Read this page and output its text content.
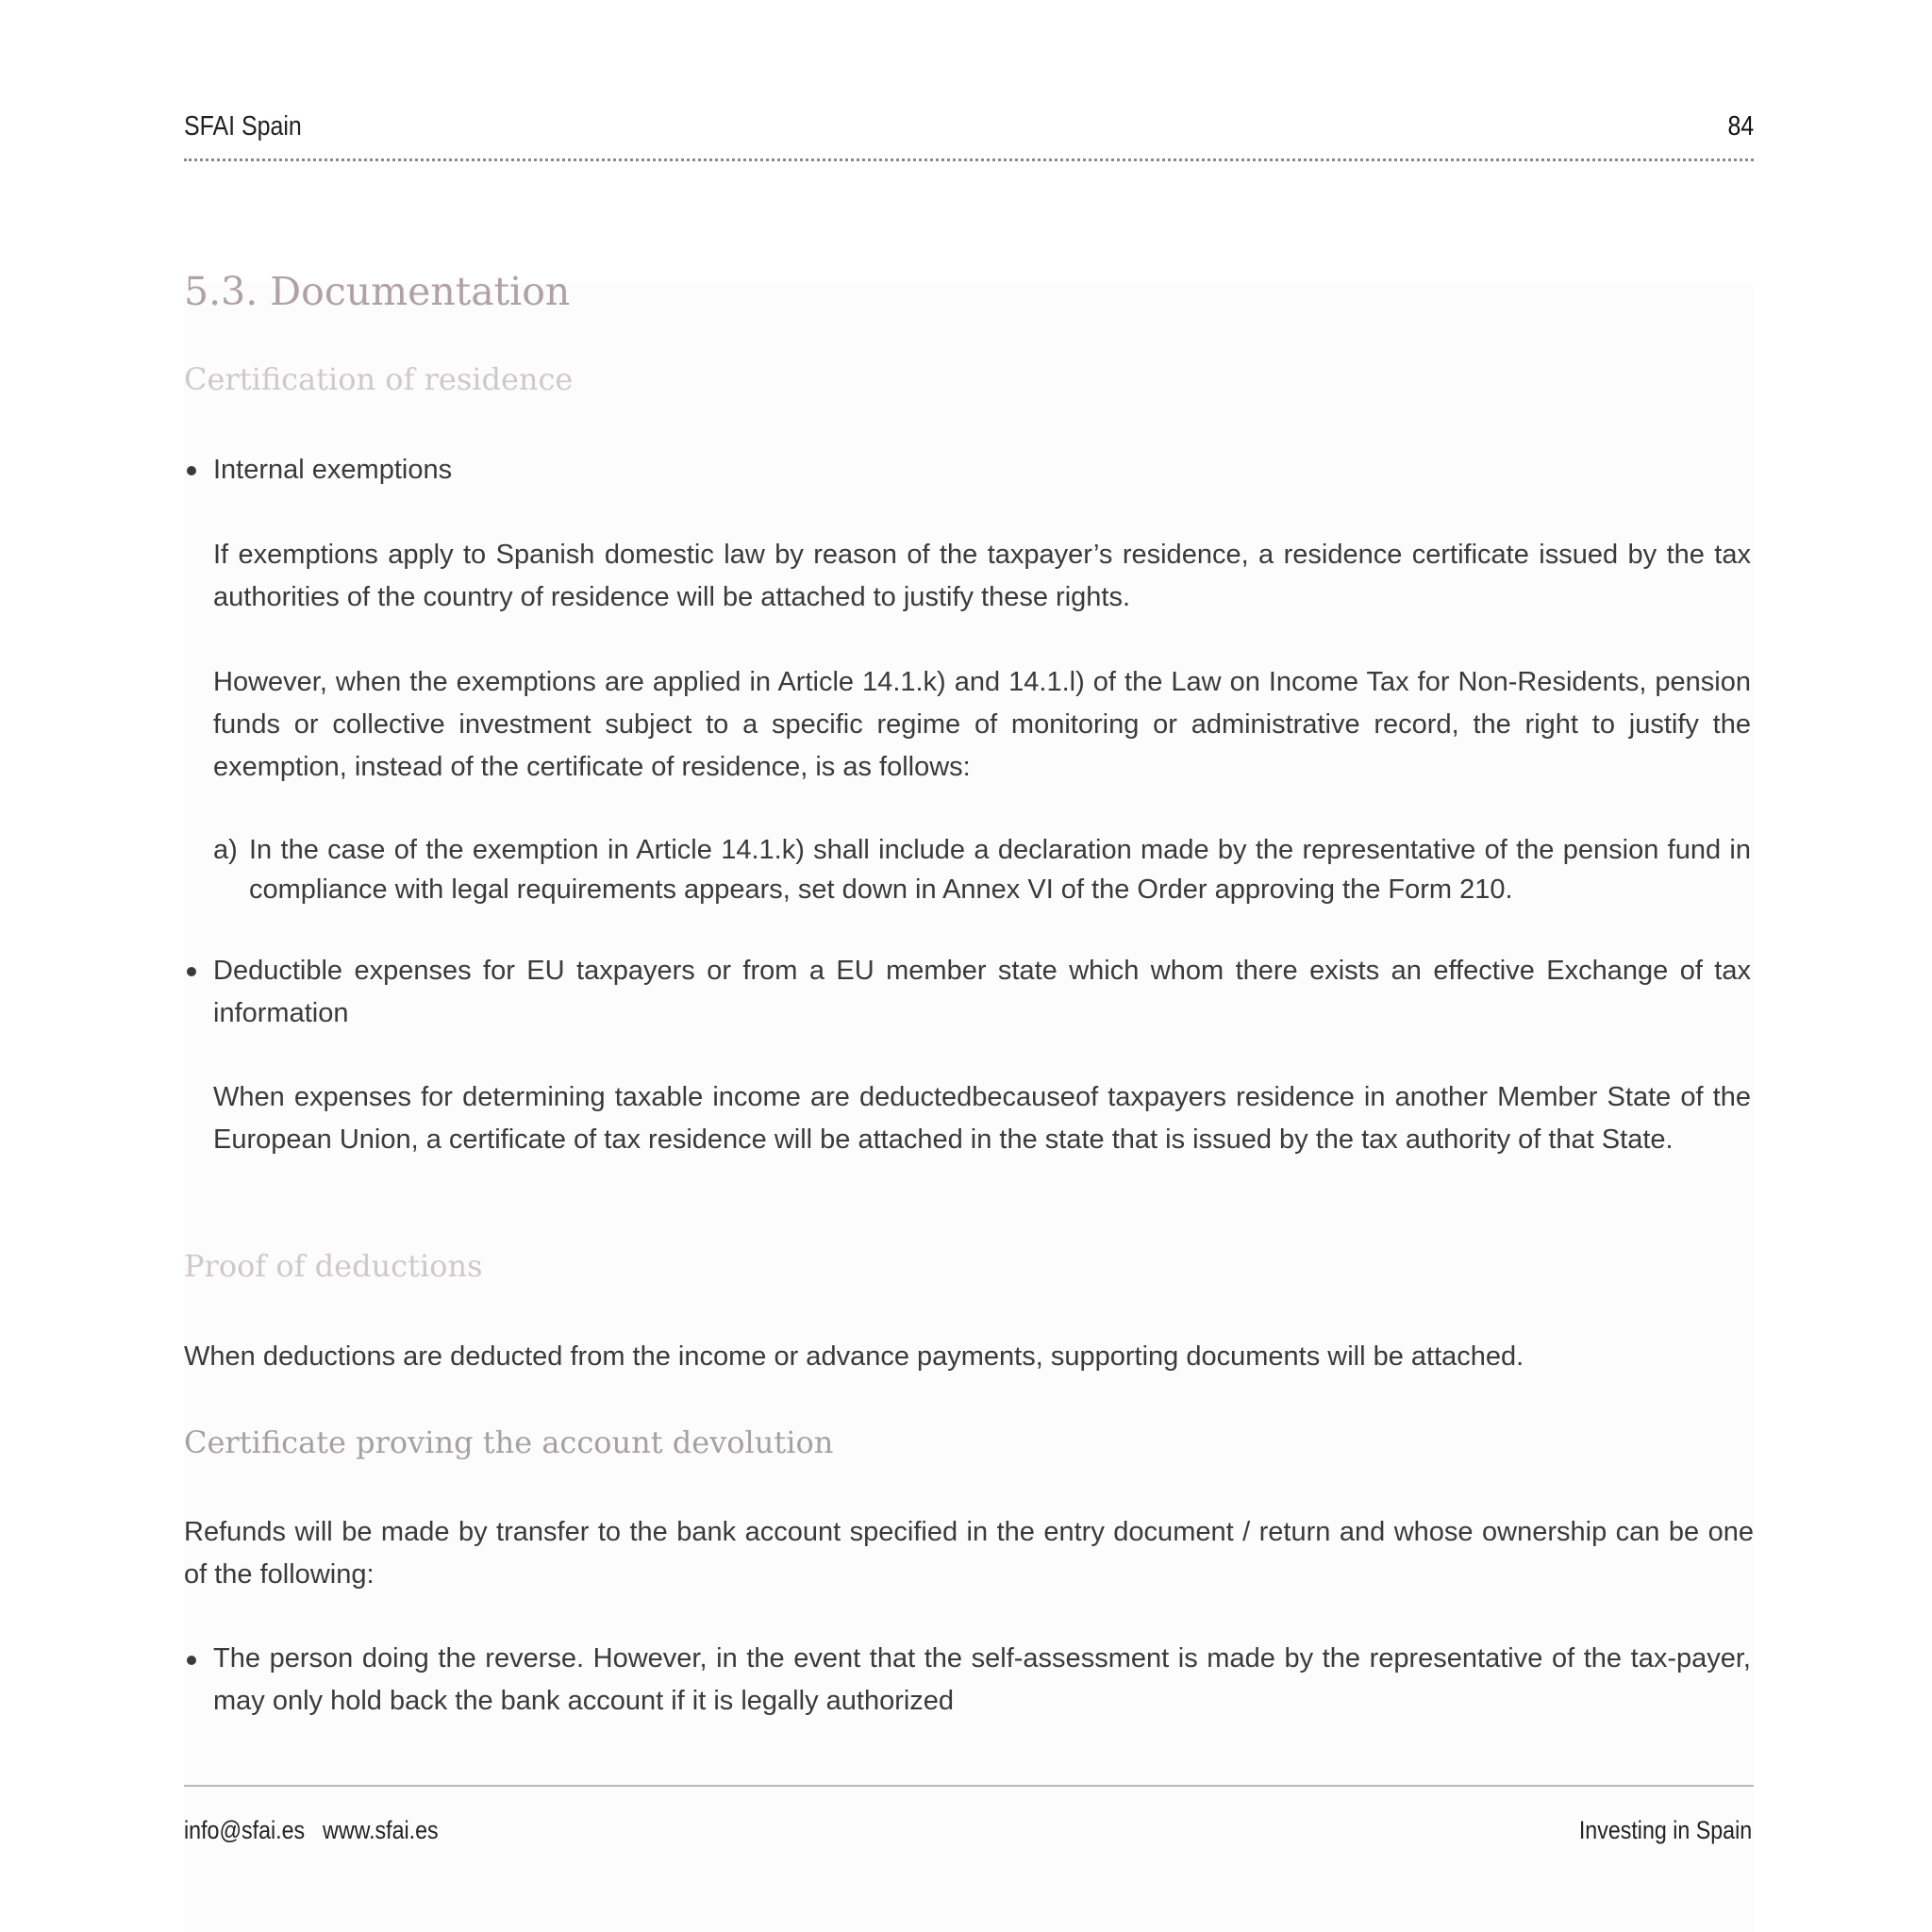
SFAI Spain	84
5.3. Documentation
Certification of residence

Internal exemptions

If exemptions apply to Spanish domestic law by reason of the taxpayer’s residence, a residence certificate issued by the tax authorities of the country of residence will be attached to justify these rights.

However, when the exemptions are applied in Article 14.1.k) and 14.1.l) of the Law on Income Tax for Non-Residents, pension funds or collective investment subject to a specific regime of monitoring or administrative record, the right to justify the exemption, instead of the certificate of residence, is as follows:

a) In the case of the exemption in Article 14.1.k) shall include a declaration made by the representative of the pension fund in compliance with legal requirements appears, set down in Annex VI of the Order approving the Form 210.

Deductible expenses for EU taxpayers or from a EU member state which whom there exists an effective Exchange of tax information

When expenses for determining taxable income are deductedbecauseof taxpayers residence in another Member State of the European Union, a certificate of tax residence will be attached in the state that is issued by the tax authority of that State.

Proof of deductions

When deductions are deducted from the income or advance payments, supporting documents will be attached.

Certificate proving the account devolution

Refunds will be made by transfer to the bank account specified in the entry document / return and whose ownership can be one of the following:

The person doing the reverse. However, in the event that the self-assessment is made by the representative of the tax-payer, may only hold back the bank account if it is legally authorized

info@sfai.es www.sfai.es	Investing in Spain
